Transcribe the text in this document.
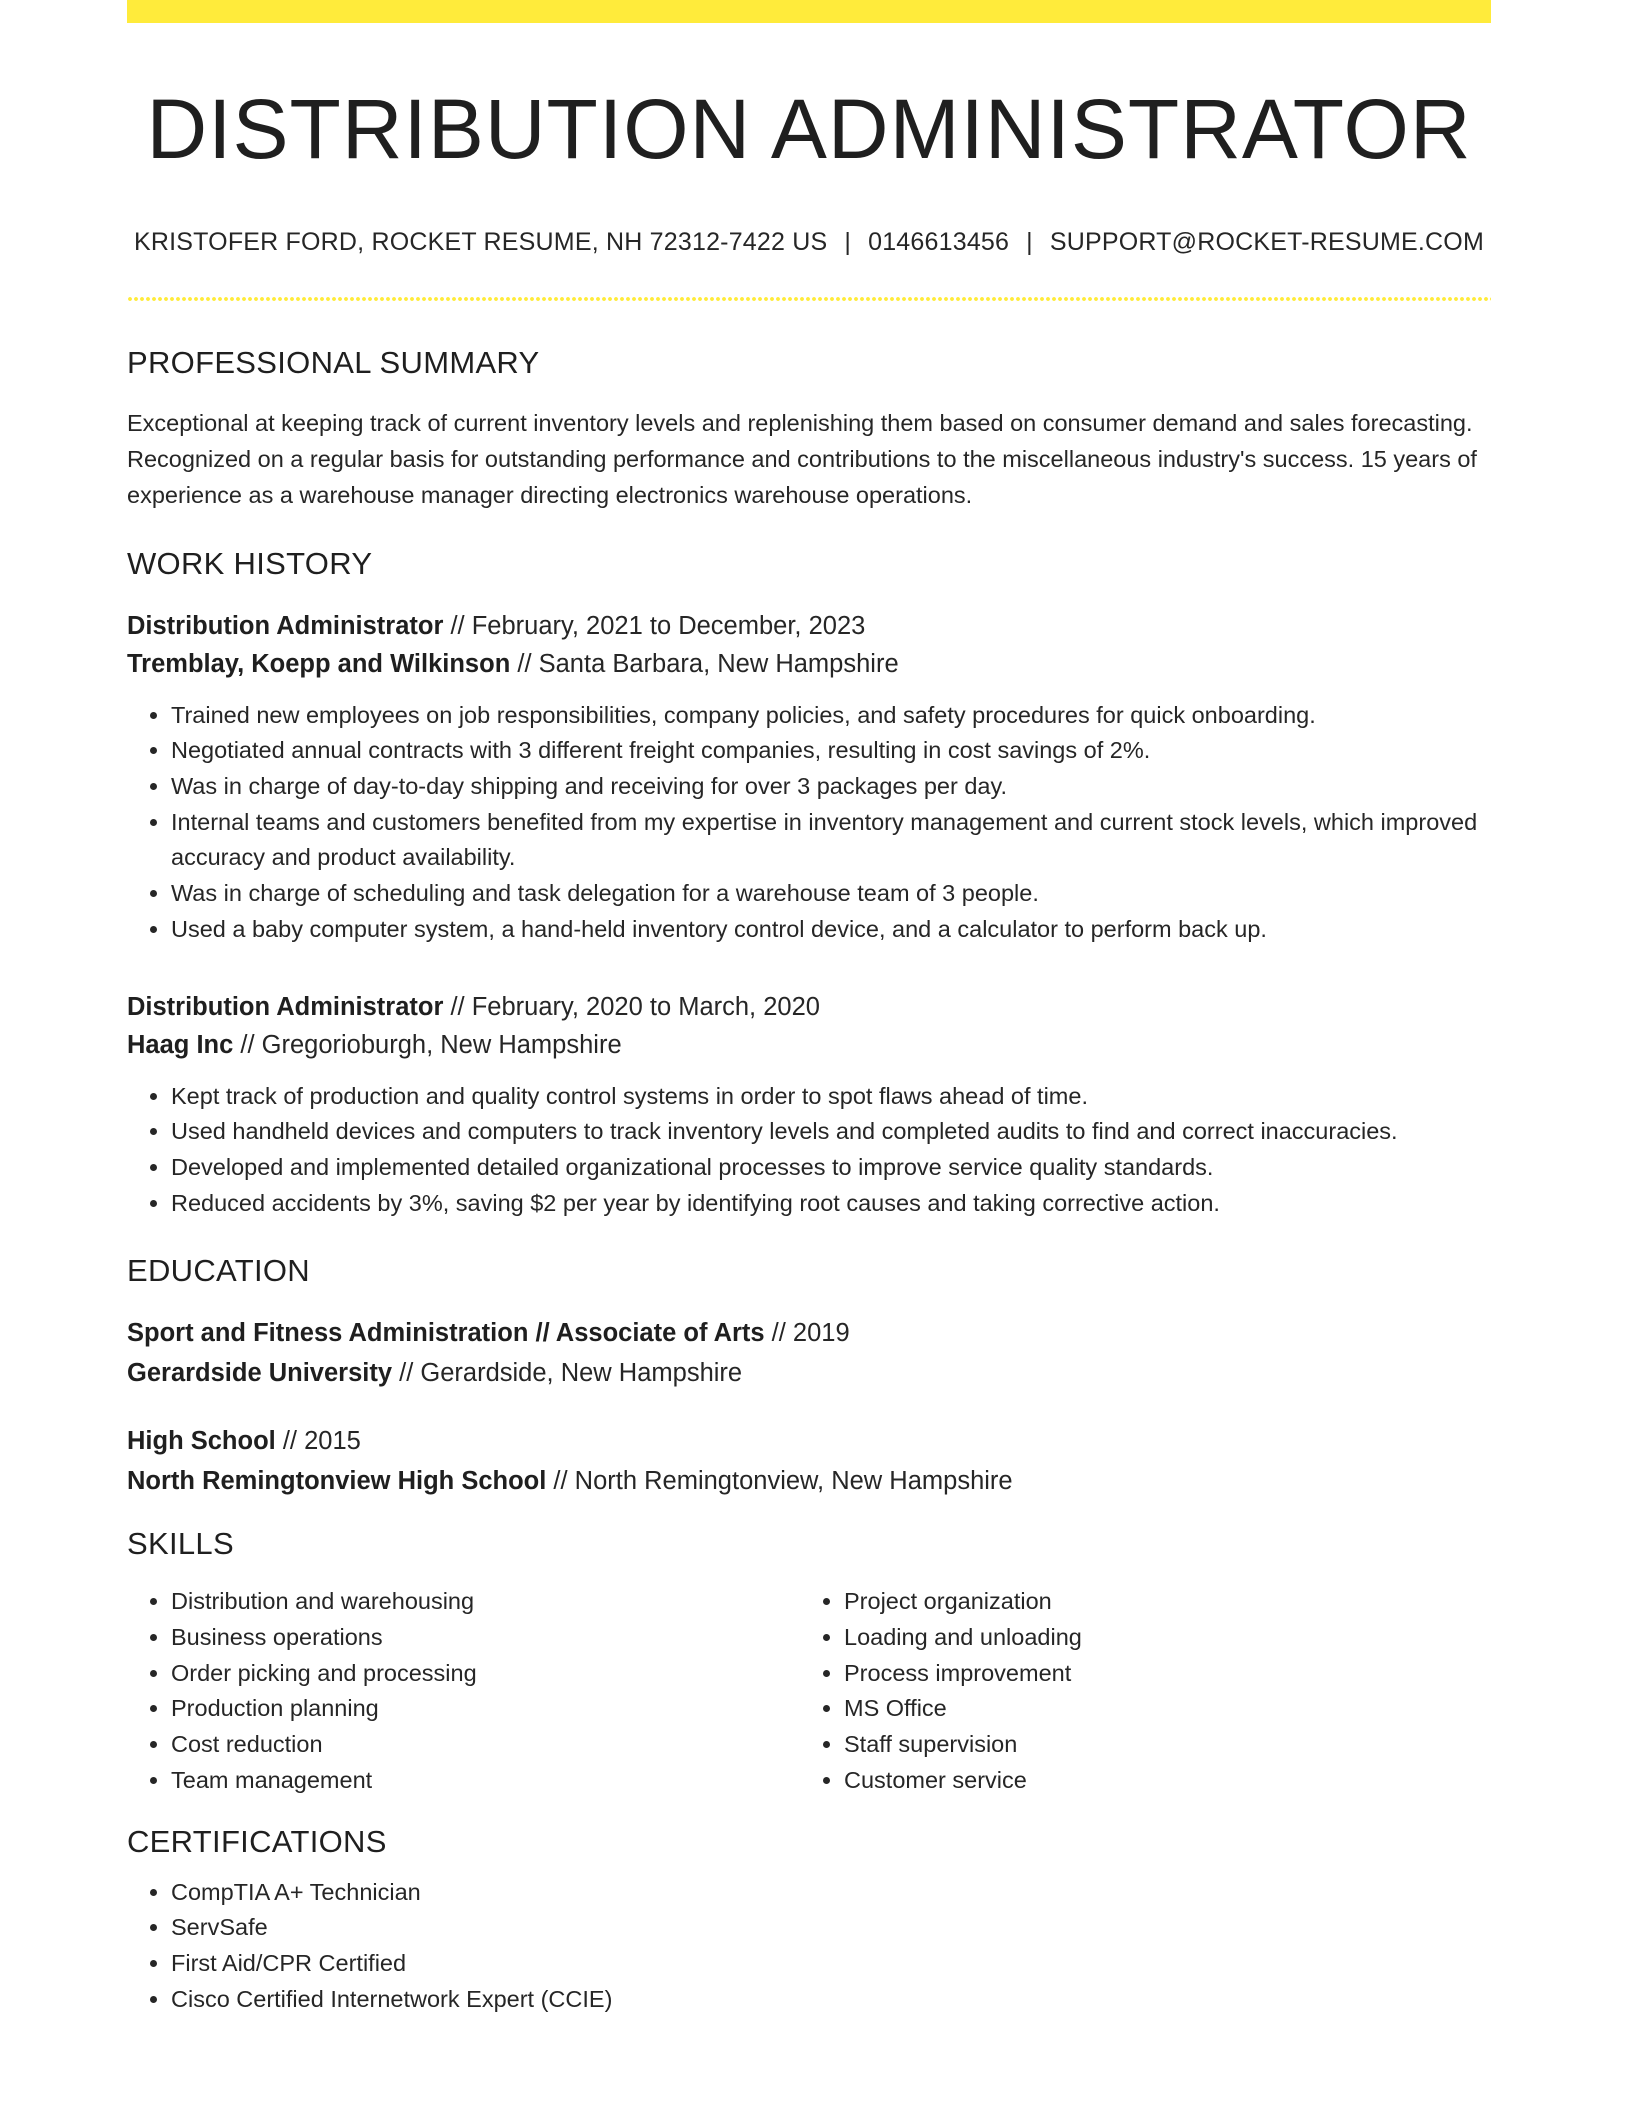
DISTRIBUTION ADMINISTRATOR
KRISTOFER FORD, ROCKET RESUME, NH 72312-7422 US | 0146613456 | SUPPORT@ROCKET-RESUME.COM
PROFESSIONAL SUMMARY

Exceptional at keeping track of current inventory levels and replenishing them based on consumer demand and sales forecasting. Recognized on a regular basis for outstanding performance and contributions to the miscellaneous industry's success. 15 years of experience as a warehouse manager directing electronics warehouse operations.

WORK HISTORY
Distribution Administrator // February, 2021 to December, 2023
Tremblay, Koepp and Wilkinson // Santa Barbara, New Hampshire
• Trained new employees on job responsibilities, company policies, and safety procedures for quick onboarding.
• Negotiated annual contracts with 3 different freight companies, resulting in cost savings of 2%.
• Was in charge of day-to-day shipping and receiving for over 3 packages per day.
• Internal teams and customers benefited from my expertise in inventory management and current stock levels, which improved accuracy and product availability.
• Was in charge of scheduling and task delegation for a warehouse team of 3 people.
• Used a baby computer system, a hand-held inventory control device, and a calculator to perform back up.
Distribution Administrator // February, 2020 to March, 2020
Haag Inc // Gregorioburgh, New Hampshire
• Kept track of production and quality control systems in order to spot flaws ahead of time.
• Used handheld devices and computers to track inventory levels and completed audits to find and correct inaccuracies.
• Developed and implemented detailed organizational processes to improve service quality standards.
• Reduced accidents by 3%, saving $2 per year by identifying root causes and taking corrective action.
EDUCATION
Sport and Fitness Administration // Associate of Arts // 2019
Gerardside University // Gerardside, New Hampshire
High School // 2015
North Remingtonview High School // North Remingtonview, New Hampshire
SKILLS
• Distribution and warehousing
• Business operations
• Order picking and processing
• Production planning
• Cost reduction
• Team management
• Project organization
• Loading and unloading
• Process improvement
• MS Office
• Staff supervision
• Customer service
CERTIFICATIONS
• CompTIA A+ Technician
• ServSafe
• First Aid/CPR Certified
• Cisco Certified Internetwork Expert (CCIE)
